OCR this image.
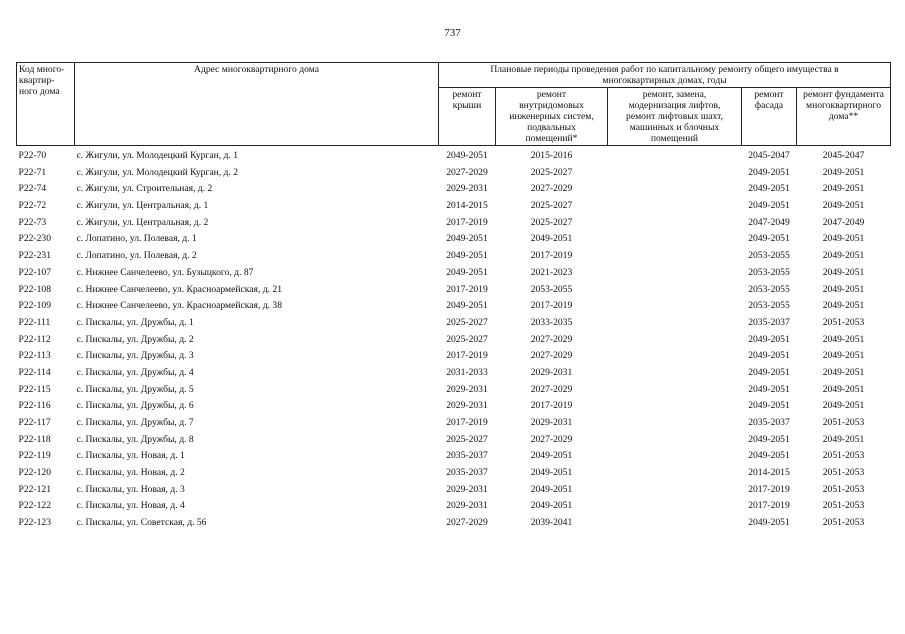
737
Код много-
квартир-
ного дома	Адрес многоквартирного дома	Плановые периоды проведения работ по капитальному ремонту общего имущества в
многоквартирных домах, годы				

		ремонт
крыши	ремонт
внутридомовых
инженерных систем,
подвальных
помещений*	ремонт, замена,
модернизация лифтов,
ремонт лифтовых шахт,
машинных и блочных
помещений	ремонт
фасада	ремонт фундамента
многоквартирного
дома**

Р22-70	с. Жигули, ул. Молодецкий Курган, д. 1	2049-2051	2015-2016		2045-2047	2045-2047
Р22-71	с. Жигули, ул. Молодецкий Курган, д. 2	2027-2029	2025-2027		2049-2051	2049-2051
Р22-74	с. Жигули, ул. Строительная, д. 2	2029-2031	2027-2029		2049-2051	2049-2051
Р22-72	с. Жигули, ул. Центральная, д. 1	2014-2015	2025-2027		2049-2051	2049-2051
Р22-73	с. Жигули, ул. Центральная, д. 2	2017-2019	2025-2027		2047-2049	2047-2049
Р22-230	с. Лопатино, ул. Полевая, д. 1	2049-2051	2049-2051		2049-2051	2049-2051
Р22-231	с. Лопатино, ул. Полевая, д. 2	2049-2051	2017-2019		2053-2055	2049-2051
Р22-107	с. Нижнее Санчелеево, ул. Бузыцкого, д. 87	2049-2051	2021-2023		2053-2055	2049-2051
Р22-108	с. Нижнее Санчелеево, ул. Красноармейская, д. 21	2017-2019	2053-2055		2053-2055	2049-2051
Р22-109	с. Нижнее Санчелеево, ул. Красноармейская, д. 38	2049-2051	2017-2019		2053-2055	2049-2051
Р22-111	с. Пискалы, ул. Дружбы, д. 1	2025-2027	2033-2035		2035-2037	2051-2053
Р22-112	с. Пискалы, ул. Дружбы, д. 2	2025-2027	2027-2029		2049-2051	2049-2051
Р22-113	с. Пискалы, ул. Дружбы, д. 3	2017-2019	2027-2029		2049-2051	2049-2051
Р22-114	с. Пискалы, ул. Дружбы, д. 4	2031-2033	2029-2031		2049-2051	2049-2051
Р22-115	с. Пискалы, ул. Дружбы, д. 5	2029-2031	2027-2029		2049-2051	2049-2051
Р22-116	с. Пискалы, ул. Дружбы, д. 6	2029-2031	2017-2019		2049-2051	2049-2051
Р22-117	с. Пискалы, ул. Дружбы, д. 7	2017-2019	2029-2031		2035-2037	2051-2053
Р22-118	с. Пискалы, ул. Дружбы, д. 8	2025-2027	2027-2029		2049-2051	2049-2051
Р22-119	с. Пискалы, ул. Новая, д. 1	2035-2037	2049-2051		2049-2051	2051-2053
Р22-120	с. Пискалы, ул. Новая, д. 2	2035-2037	2049-2051		2014-2015	2051-2053
Р22-121	с. Пискалы, ул. Новая, д. 3	2029-2031	2049-2051		2017-2019	2051-2053
Р22-122	с. Пискалы, ул. Новая, д. 4	2029-2031	2049-2051		2017-2019	2051-2053
Р22-123	с. Пискалы, ул. Советская, д. 56	2027-2029	2039-2041		2049-2051	2051-2053
